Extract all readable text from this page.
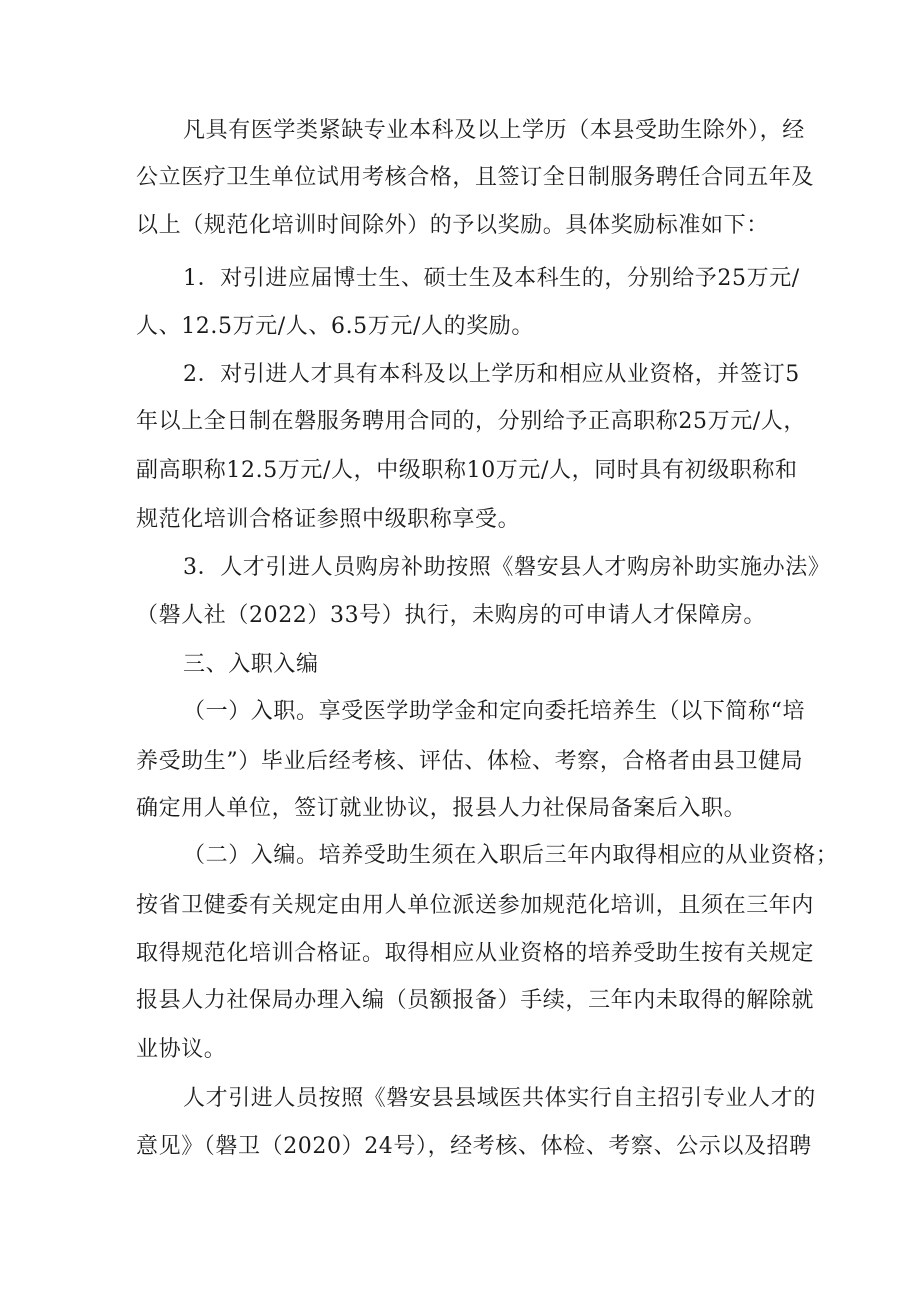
凡具有医学类紧缺专业本科及以上学历（本县受助生除外），经
公立医疗卫生单位试用考核合格，且签订全日制服务聘任合同五年及
以上（规范化培训时间除外）的予以奖励。具体奖励标准如下：
1．对引进应届博士生、硕士生及本科生的，分别给予25万元/
人、12.5万元/人、6.5万元/人的奖励。
2．对引进人才具有本科及以上学历和相应从业资格，并签订5
年以上全日制在磐服务聘用合同的，分别给予正高职称25万元/人，
副高职称12.5万元/人，中级职称10万元/人，同时具有初级职称和
规范化培训合格证参照中级职称享受。
3．人才引进人员购房补助按照《磐安县人才购房补助实施办法》
（磐人社（2022）33号）执行，未购房的可申请人才保障房。
三、入职入编
（一）入职。享受医学助学金和定向委托培养生（以下简称“培
养受助生”）毕业后经考核、评估、体检、考察，合格者由县卫健局
确定用人单位，签订就业协议，报县人力社保局备案后入职。
（二）入编。培养受助生须在入职后三年内取得相应的从业资格；
按省卫健委有关规定由用人单位派送参加规范化培训，且须在三年内
取得规范化培训合格证。取得相应从业资格的培养受助生按有关规定
报县人力社保局办理入编（员额报备）手续，三年内未取得的解除就
业协议。
人才引进人员按照《磐安县县域医共体实行自主招引专业人才的
意见》（磐卫（2020）24号），经考核、体检、考察、公示以及招聘
